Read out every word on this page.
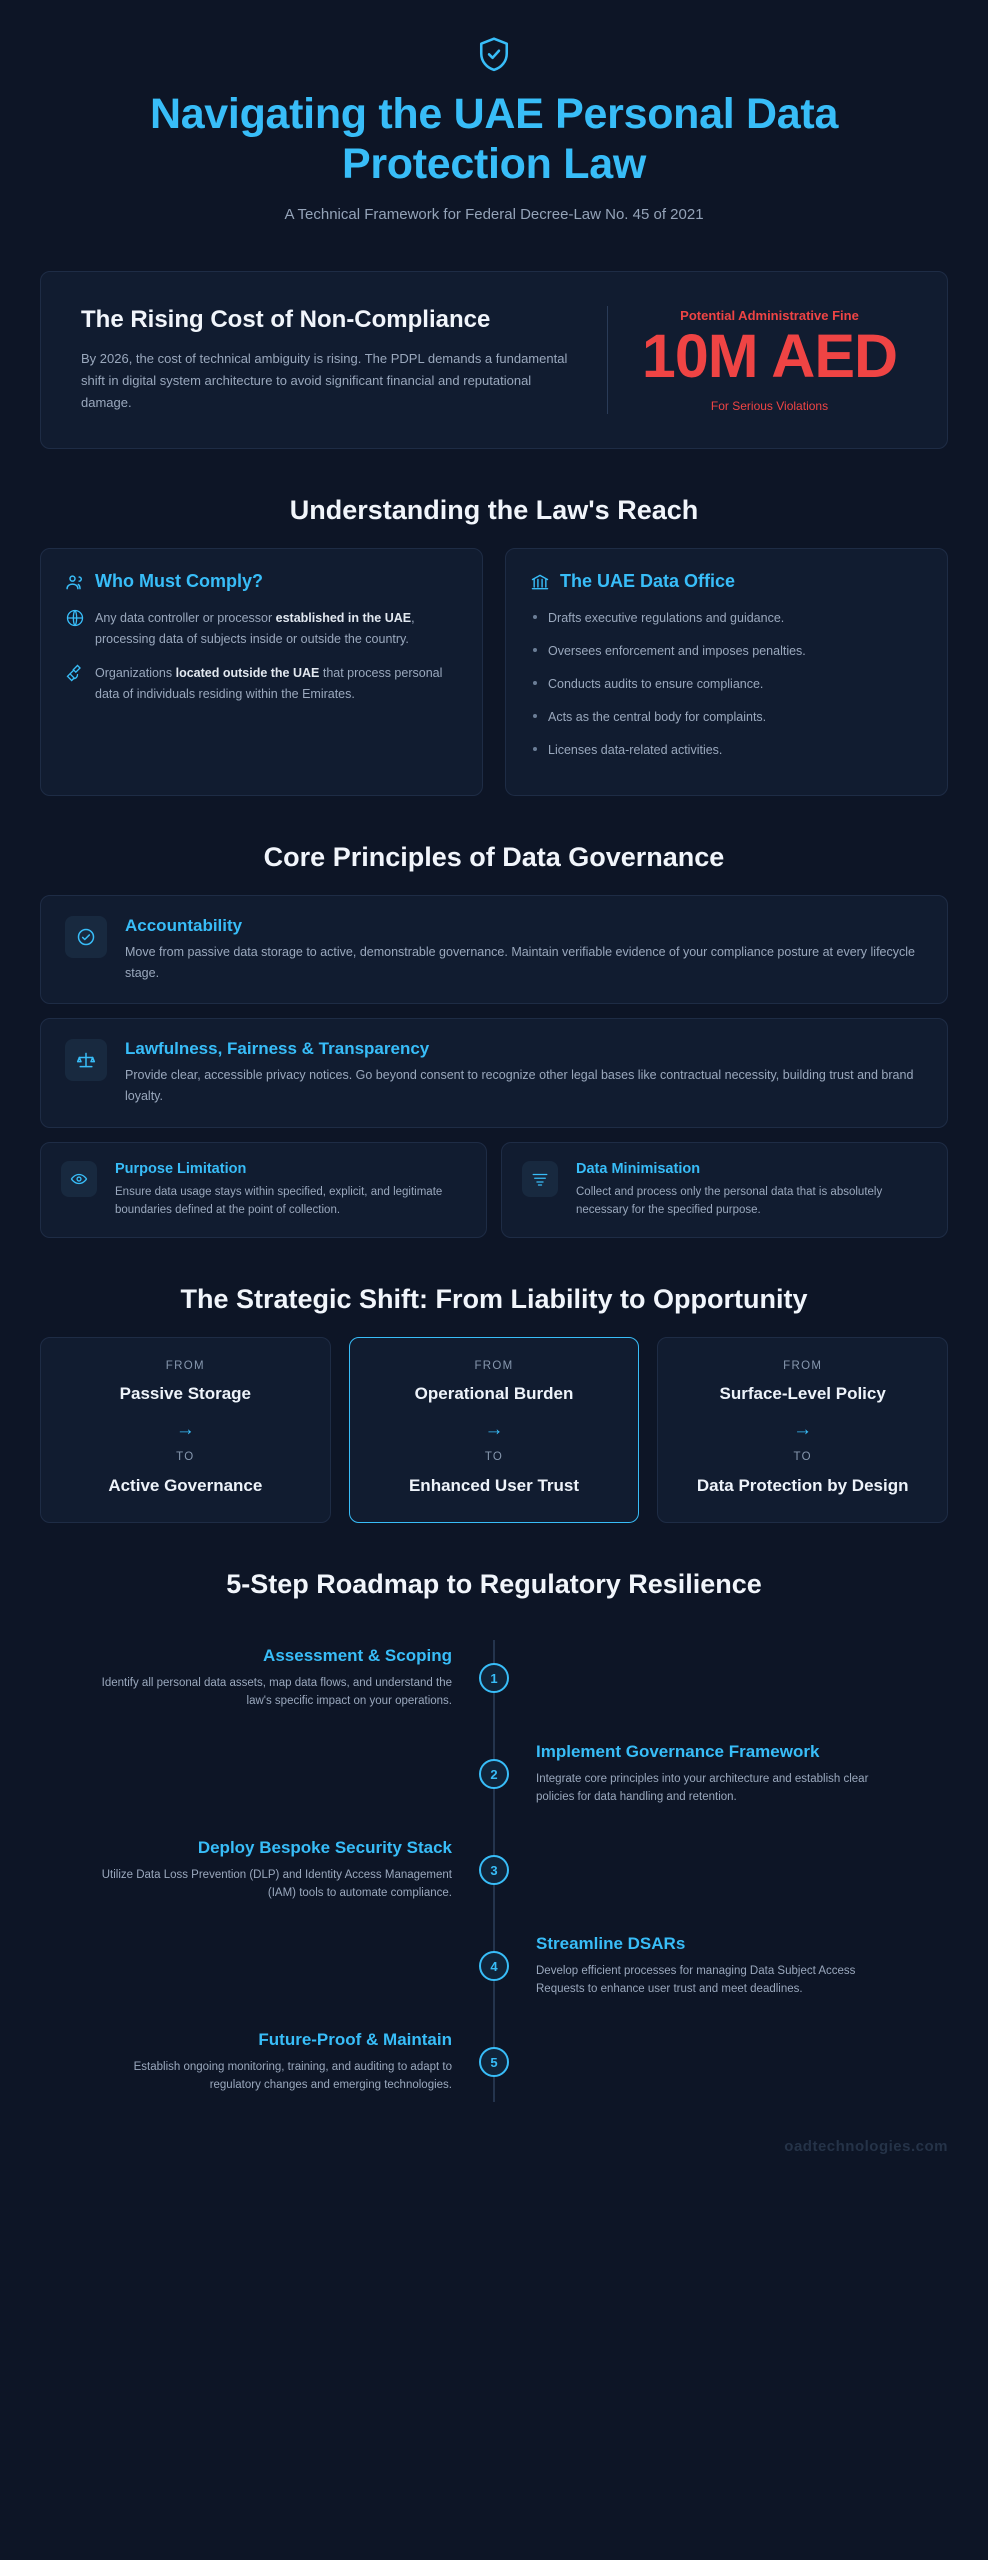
Navigating the UAE Personal Data Protection Law
A Technical Framework for Federal Decree-Law No. 45 of 2021
The Rising Cost of Non-Compliance

By 2026, the cost of technical ambiguity is rising. The PDPL demands a fundamental shift in digital system architecture to avoid significant financial and reputational damage.

Potential Administrative Fine
10M AED
For Serious Violations
Understanding the Law's Reach
Who Must Comply?

Any data controller or processor established in the UAE, processing data of subjects inside or outside the country.

Organizations located outside the UAE that process personal data of individuals residing within the Emirates.

The UAE Data Office
Drafts executive regulations and guidance.
Oversees enforcement and imposes penalties.
Conducts audits to ensure compliance.
Acts as the central body for complaints.
Licenses data-related activities.
Core Principles of Data Governance
Accountability

Move from passive data storage to active, demonstrable governance. Maintain verifiable evidence of your compliance posture at every lifecycle stage.

Lawfulness, Fairness & Transparency

Provide clear, accessible privacy notices. Go beyond consent to recognize other legal bases like contractual necessity, building trust and brand loyalty.

Purpose Limitation

Ensure data usage stays within specified, explicit, and legitimate boundaries defined at the point of collection.

Data Minimisation

Collect and process only the personal data that is absolutely necessary for the specified purpose.

The Strategic Shift: From Liability to Opportunity
FROM
Passive Storage
→
TO
Active Governance
FROM
Operational Burden
→
TO
Enhanced User Trust
FROM
Surface-Level Policy
→
TO
Data Protection by Design
5-Step Roadmap to Regulatory Resilience
Assessment & Scoping

Identify all personal data assets, map data flows, and understand the law's specific impact on your operations.

1
Implement Governance Framework

Integrate core principles into your architecture and establish clear policies for data handling and retention.

2
Deploy Bespoke Security Stack

Utilize Data Loss Prevention (DLP) and Identity Access Management (IAM) tools to automate compliance.

3
Streamline DSARs

Develop efficient processes for managing Data Subject Access Requests to enhance user trust and meet deadlines.

4
Future-Proof & Maintain

Establish ongoing monitoring, training, and auditing to adapt to regulatory changes and emerging technologies.

5
oadtechnologies.com
